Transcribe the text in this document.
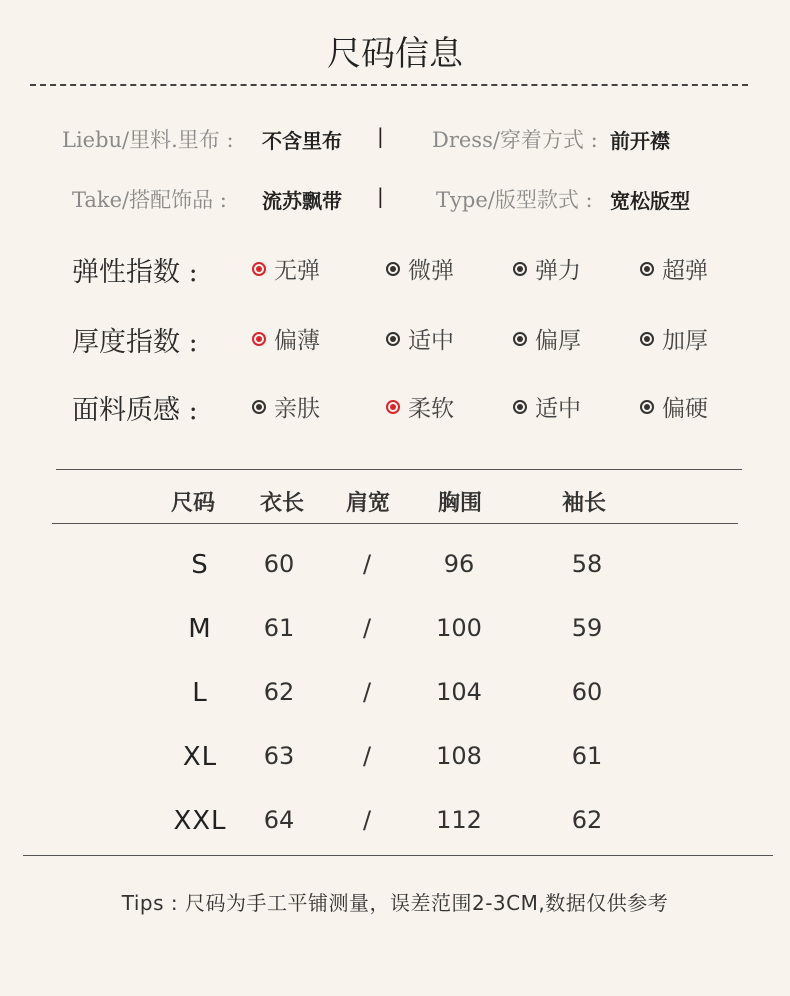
尺码信息
Liebu/里料.里布 : 不含里布 | Dress/穿着方式 : 前开襟
Take/搭配饰品 : 流苏飘带 | Type/版型款式 : 宽松版型
弹性指数 :	无弹	微弹	弹力	超弹
厚度指数 :	偏薄	适中	偏厚	加厚
面料质感 :	亲肤	柔软	适中	偏硬
尺码	衣长	肩宽	胸围	袖长
S	60	/	96	58
M	61	/	100	59
L	62	/	104	60
XL	63	/	108	61
XXL	64	/	112	62
Tips : 尺码为手工平铺测量，误差范围2-3CM,数据仅供参考
